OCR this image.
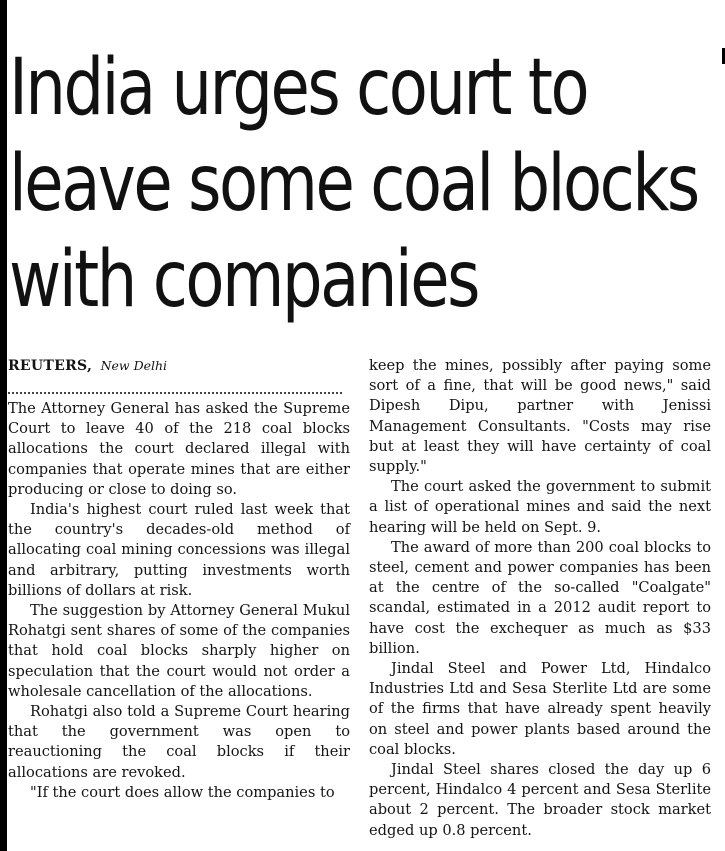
India urges court to
leave some coal blocks
with companies
REUTERS, New Delhi

The Attorney General has asked the Supreme Court to leave 40 of the 218 coal blocks allocations the court declared illegal with companies that operate mines that are either producing or close to doing so.

India's highest court ruled last week that the country's decades-old method of allocating coal mining concessions was illegal and arbitrary, putting investments worth billions of dollars at risk.

The suggestion by Attorney General Mukul Rohatgi sent shares of some of the companies that hold coal blocks sharply higher on speculation that the court would not order a wholesale cancellation of the allocations.

Rohatgi also told a Supreme Court hearing that the government was open to reauctioning the coal blocks if their allocations are revoked.

"If the court does allow the companies to

keep the mines, possibly after paying some sort of a fine, that will be good news," said Dipesh Dipu, partner with Jenissi Management Consultants. "Costs may rise but at least they will have certainty of coal supply."

The court asked the government to submit a list of operational mines and said the next hearing will be held on Sept. 9.

The award of more than 200 coal blocks to steel, cement and power companies has been at the centre of the so-called "Coalgate" scandal, estimated in a 2012 audit report to have cost the exchequer as much as $33 billion.

Jindal Steel and Power Ltd, Hindalco Industries Ltd and Sesa Sterlite Ltd are some of the firms that have already spent heavily on steel and power plants based around the coal blocks.

Jindal Steel shares closed the day up 6 percent, Hindalco 4 percent and Sesa Sterlite about 2 percent. The broader stock market edged up 0.8 percent.
